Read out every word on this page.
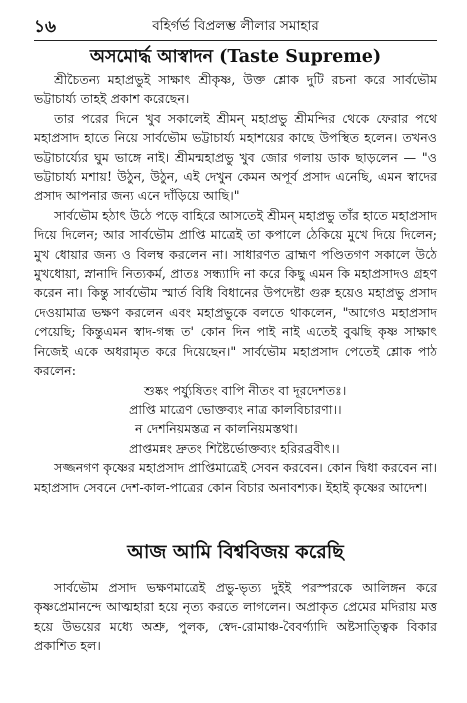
১৬	বহিৰ্গৰ্ভ বিপ্ৰলম্ভ লীলার সমাহার
অসমোর্দ্ধ আস্বাদন (Taste Supreme)

শ্রীচৈতন্য মহাপ্রভুই সাক্ষাৎ শ্রীকৃষ্ণ, উক্ত শ্লোক দুটি রচনা করে সার্বভৌম ভট্টাচার্য্য তাহই প্রকাশ করেছেন।

তার পরের দিনে খুব সকালেই শ্রীমন্ মহাপ্রভু শ্রীমন্দির থেকে ফেরার পথে মহাপ্রসাদ হাতে নিয়ে সার্বভৌম ভট্টাচার্য্য মহাশয়ের কাছে উপস্থিত হলেন। তখনও ভট্টাচার্য্যের ঘুম ভাঙ্গে নাই। শ্রীমন্মহাপ্রভু খুব জোর গলায় ডাক ছাড়লেন — "ও ভট্টাচার্য্য মশায়! উঠুন, উঠুন, এই দেখুন কেমন অপূর্ব প্রসাদ এনেছি, এমন স্বাদের প্রসাদ আপনার জন্য এনে দাঁড়িয়ে আছি।"

সার্বভৌম হঠাৎ উঠে পড়ে বাহিরে আসতেই শ্রীমন্ মহাপ্রভু তাঁর হাতে মহাপ্রসাদ দিয়ে দিলেন; আর সার্বভৌম প্রাপ্তি মাত্রেই তা কপালে ঠেকিয়ে মুখে দিয়ে দিলেন; মুখ ধোয়ার জন্য ও বিলম্ব করলেন না। সাধারণত ব্রাহ্মণ পণ্ডিতগণ সকালে উঠে মুখধোয়া, স্নানাদি নিত্যকর্ম, প্রাতঃ সন্ধ্যাদি না করে কিছু এমন কি মহাপ্রসাদও গ্রহণ করেন না। কিন্তু সার্বভৌম স্মার্ত বিধি বিধানের উপদেষ্টা গুরু হয়েও মহাপ্রভু প্রসাদ দেওয়ামাত্র ভক্ষণ করলেন এবং মহাপ্রভুকে বলতে থাকলেন, "আগেও মহাপ্রসাদ পেয়েছি; কিন্তুএমন স্বাদ-গন্ধ ত' কোন দিন পাই নাই এতেই বুঝছি কৃষ্ণ সাক্ষাৎ নিজেই একে অধরামৃত করে দিয়েছেন।" সার্বভৌম মহাপ্রসাদ পেতেই শ্লোক পাঠ করলেন:

শুষ্কং পর্য্যুষিতং বাপি নীতং বা দূরদেশতঃ।
প্রাপ্তি মাত্রেণ ভোক্তব্যং নাত্র কালবিচারণা।।
ন দেশনিয়মস্তত্র ন কালনিয়মস্তথা।
প্রাপ্তমন্নং দ্রুতং শিষ্টৈর্ভোক্তব্যং হরিরব্রবীৎ।।

সজ্জনগণ কৃষ্ণের মহাপ্রসাদ প্রাপ্তিমাত্রেই সেবন করবেন। কোন দ্বিধা করবেন না। মহাপ্রসাদ সেবনে দেশ-কাল-পাত্রের কোন বিচার অনাবশ্যক। ইহাই কৃষ্ণের আদেশ।

আজ আমি বিশ্ববিজয় করেছি

সার্বভৌম প্রসাদ ভক্ষণমাত্রেই প্রভু-ভৃত্য দুইই পরস্পরকে আলিঙ্গন করে কৃষ্ণপ্রেমানন্দে আত্মহারা হয়ে নৃত্য করতে লাগলেন। অপ্রাকৃত প্রেমের মদিরায় মত্ত হয়ে উভয়ের মধ্যে অশ্রু, পুলক, স্বেদ-রোমাঞ্চ-বৈবর্ণ্যাদি অষ্টসাত্ত্বিক বিকার প্রকাশিত হল।
